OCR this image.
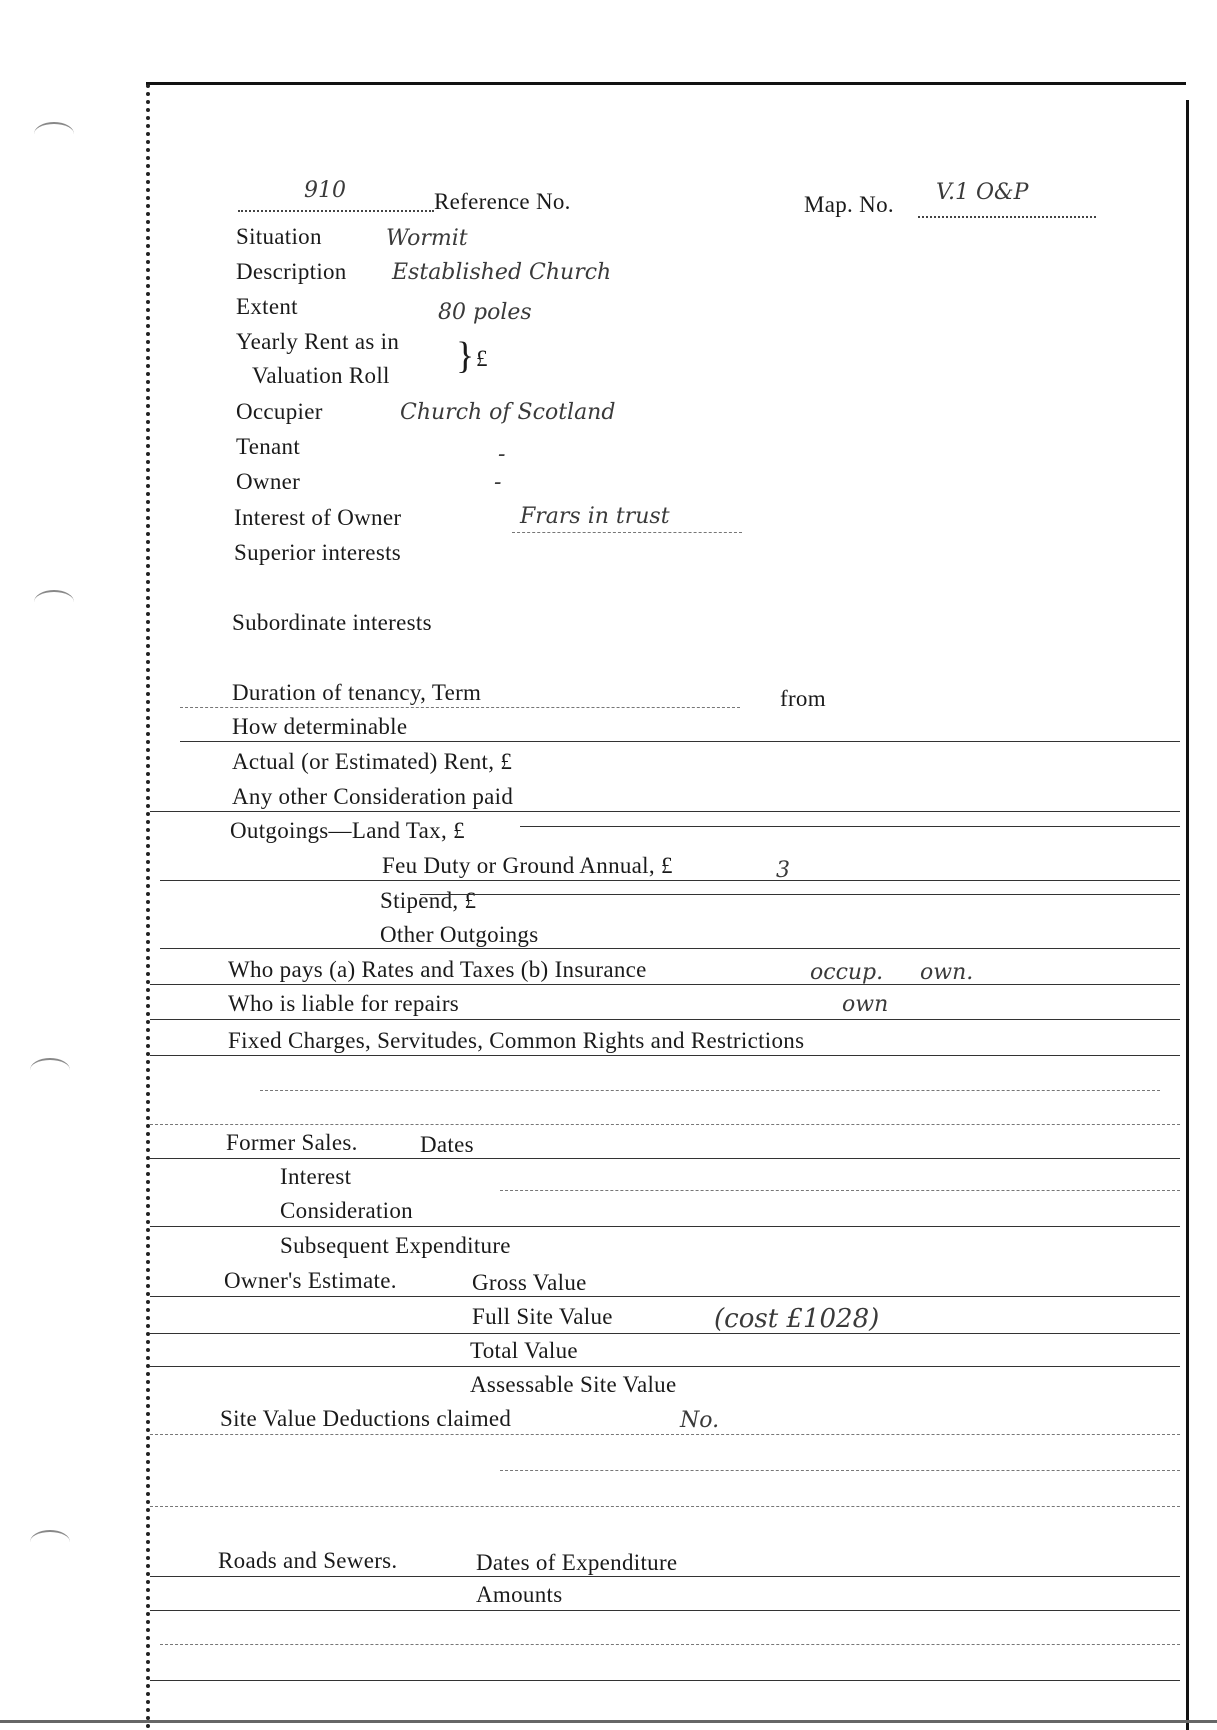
910	Reference No.	Map. No. V.1 O&P
Situation	Wormit
Description Established Church
Extent	80 poles
Yearly Rent as in
Valuation Roll } £
Occupier	Church of Scotland
Tenant	-
Owner	-
Interest of Owner	Frars in trust
Superior interests
Subordinate interests
Duration of tenancy, Term	from
How determinable
Actual (or Estimated) Rent, £
Any other Consideration paid
Outgoings—Land Tax, £
Feu Duty or Ground Annual, £	3
Stipend, £
Other Outgoings
Who pays (a) Rates and Taxes (b) Insurance	occup. own.
Who is liable for repairs	own
Fixed Charges, Servitudes, Common Rights and Restrictions
Former Sales.	Dates
Interest
Consideration
Subsequent Expenditure
Owner's Estimate.	Gross Value
Full Site Value	(cost £1028)
Total Value
Assessable Site Value
Site Value Deductions claimed	No.
Roads and Sewers.	Dates of Expenditure
Amounts
